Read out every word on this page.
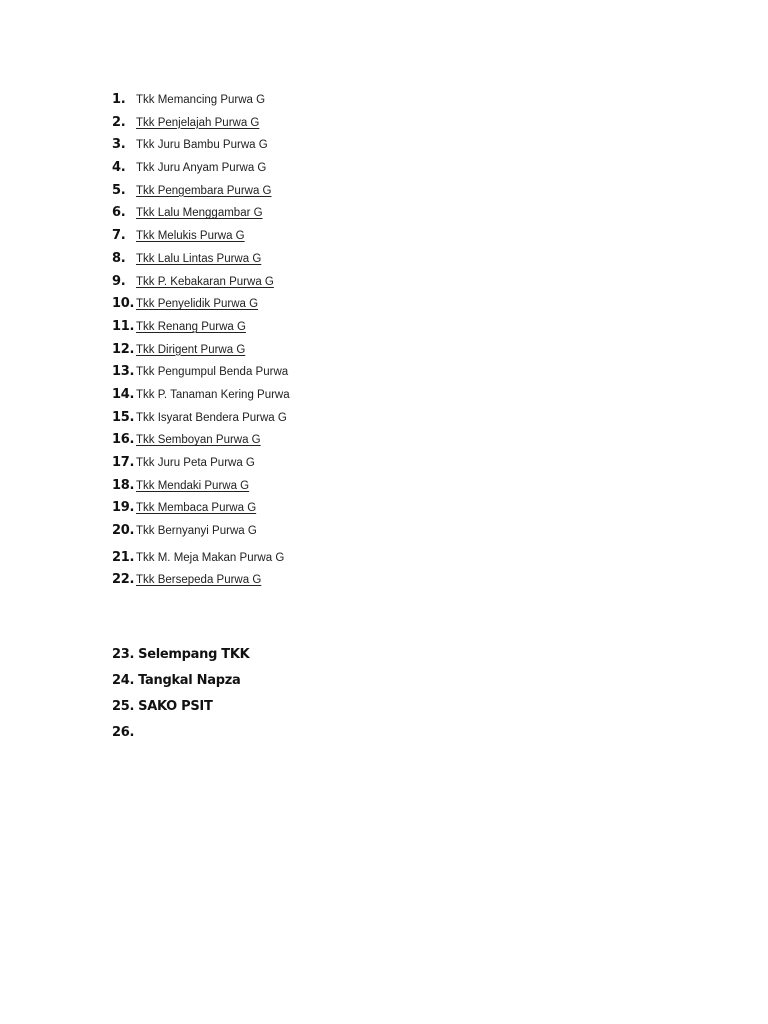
1. Tkk Memancing Purwa G
2. Tkk Penjelajah Purwa G
3. Tkk Juru Bambu Purwa G
4. Tkk Juru Anyam Purwa G
5. Tkk Pengembara Purwa G
6. Tkk Lalu Menggambar G
7. Tkk Melukis Purwa G
8. Tkk Lalu Lintas Purwa G
9. Tkk P. Kebakaran Purwa G
10. Tkk Penyelidik Purwa G
11. Tkk Renang Purwa G
12. Tkk Dirigent Purwa G
13. Tkk Pengumpul Benda Purwa
14. Tkk P. Tanaman Kering Purwa
15. Tkk Isyarat Bendera Purwa G
16. Tkk Semboyan Purwa G
17. Tkk Juru Peta Purwa G
18. Tkk Mendaki Purwa G
19. Tkk Membaca Purwa G
20. Tkk Bernyanyi Purwa G
21. Tkk M. Meja Makan Purwa G
22. Tkk Bersepeda Purwa G
23. Selempang TKK
24. Tangkal Napza
25. SAKO PSIT
26.
